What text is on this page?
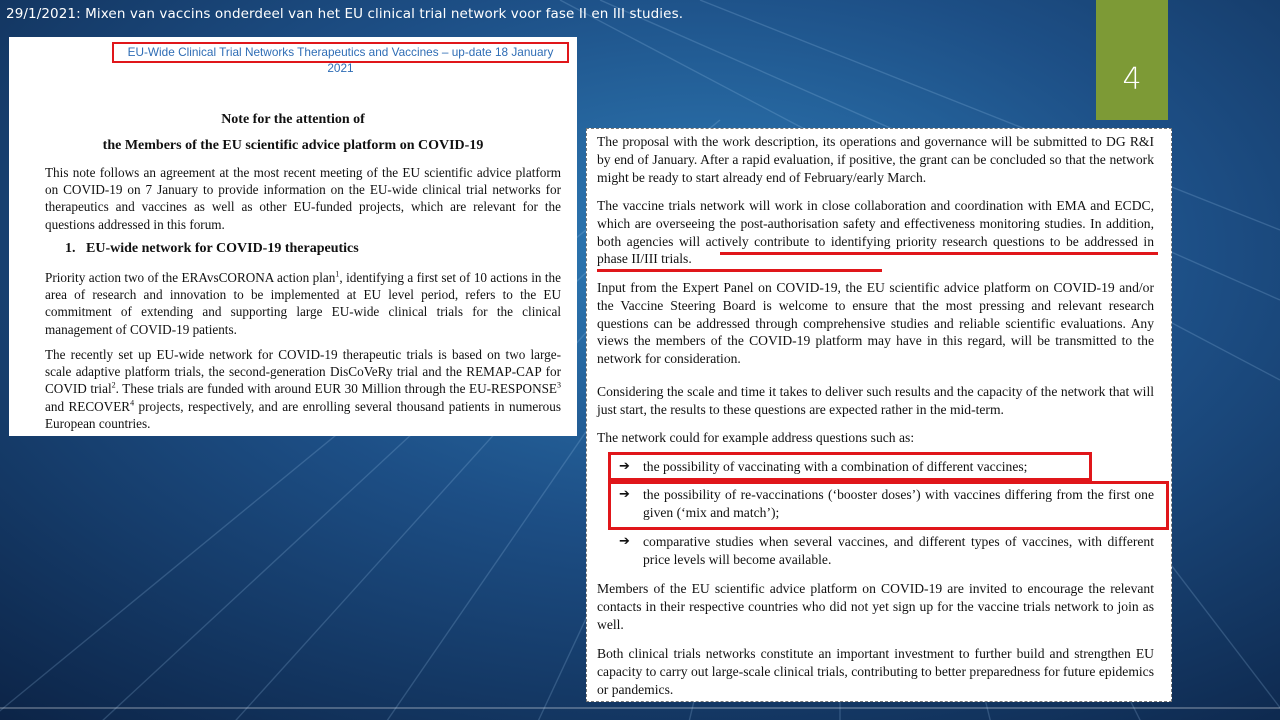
29/1/2021: Mixen van vaccins onderdeel van het EU clinical trial network voor fase II en III studies.
4
EU-Wide Clinical Trial Networks Therapeutics and Vaccines – up-date 18 January 2021
Note for the attention of
the Members of the EU scientific advice platform on COVID-19
This note follows an agreement at the most recent meeting of the EU scientific advice platform on COVID-19 on 7 January to provide information on the EU-wide clinical trial networks for therapeutics and vaccines as well as other EU-funded projects, which are relevant for the questions addressed in this forum.
1.   EU-wide network for COVID-19 therapeutics
Priority action two of the ERAvsCORONA action plan$^1$, identifying a first set of 10 actions in the area of research and innovation to be implemented at EU level period, refers to the EU commitment of extending and supporting large EU-wide clinical trials for the clinical management of COVID-19 patients.
The recently set up EU-wide network for COVID-19 therapeutic trials is based on two large-scale adaptive platform trials, the second-generation DisCoVeRy trial and the REMAP-CAP for COVID trial$^2$. These trials are funded with around EUR 30 Million through the EU-RESPONSE$^3$ and RECOVER$^4$ projects, respectively, and are enrolling several thousand patients in numerous European countries.
The proposal with the work description, its operations and governance will be submitted to DG R&I by end of January. After a rapid evaluation, if positive, the grant can be concluded so that the network might be ready to start already end of February/early March.
The vaccine trials network will work in close collaboration and coordination with EMA and ECDC, which are overseeing the post-authorisation safety and effectiveness monitoring studies. In addition, both agencies will actively contribute to identifying priority research questions to be addressed in phase II/III trials.
Input from the Expert Panel on COVID-19, the EU scientific advice platform on COVID-19 and/or the Vaccine Steering Board is welcome to ensure that the most pressing and relevant research questions can be addressed through comprehensive studies and reliable scientific evaluations. Any views the members of the COVID-19 platform may have in this regard, will be transmitted to the network for consideration.
Considering the scale and time it takes to deliver such results and the capacity of the network that will just start, the results to these questions are expected rather in the mid-term.
The network could for example address questions such as:
➔ the possibility of vaccinating with a combination of different vaccines;
➔ the possibility of re-vaccinations (‘booster doses’) with vaccines differing from the first one given (‘mix and match’);
➔ comparative studies when several vaccines, and different types of vaccines, with different price levels will become available.
Members of the EU scientific advice platform on COVID-19 are invited to encourage the relevant contacts in their respective countries who did not yet sign up for the vaccine trials network to join as well.
Both clinical trials networks constitute an important investment to further build and strengthen EU capacity to carry out large-scale clinical trials, contributing to better preparedness for future epidemics or pandemics.
